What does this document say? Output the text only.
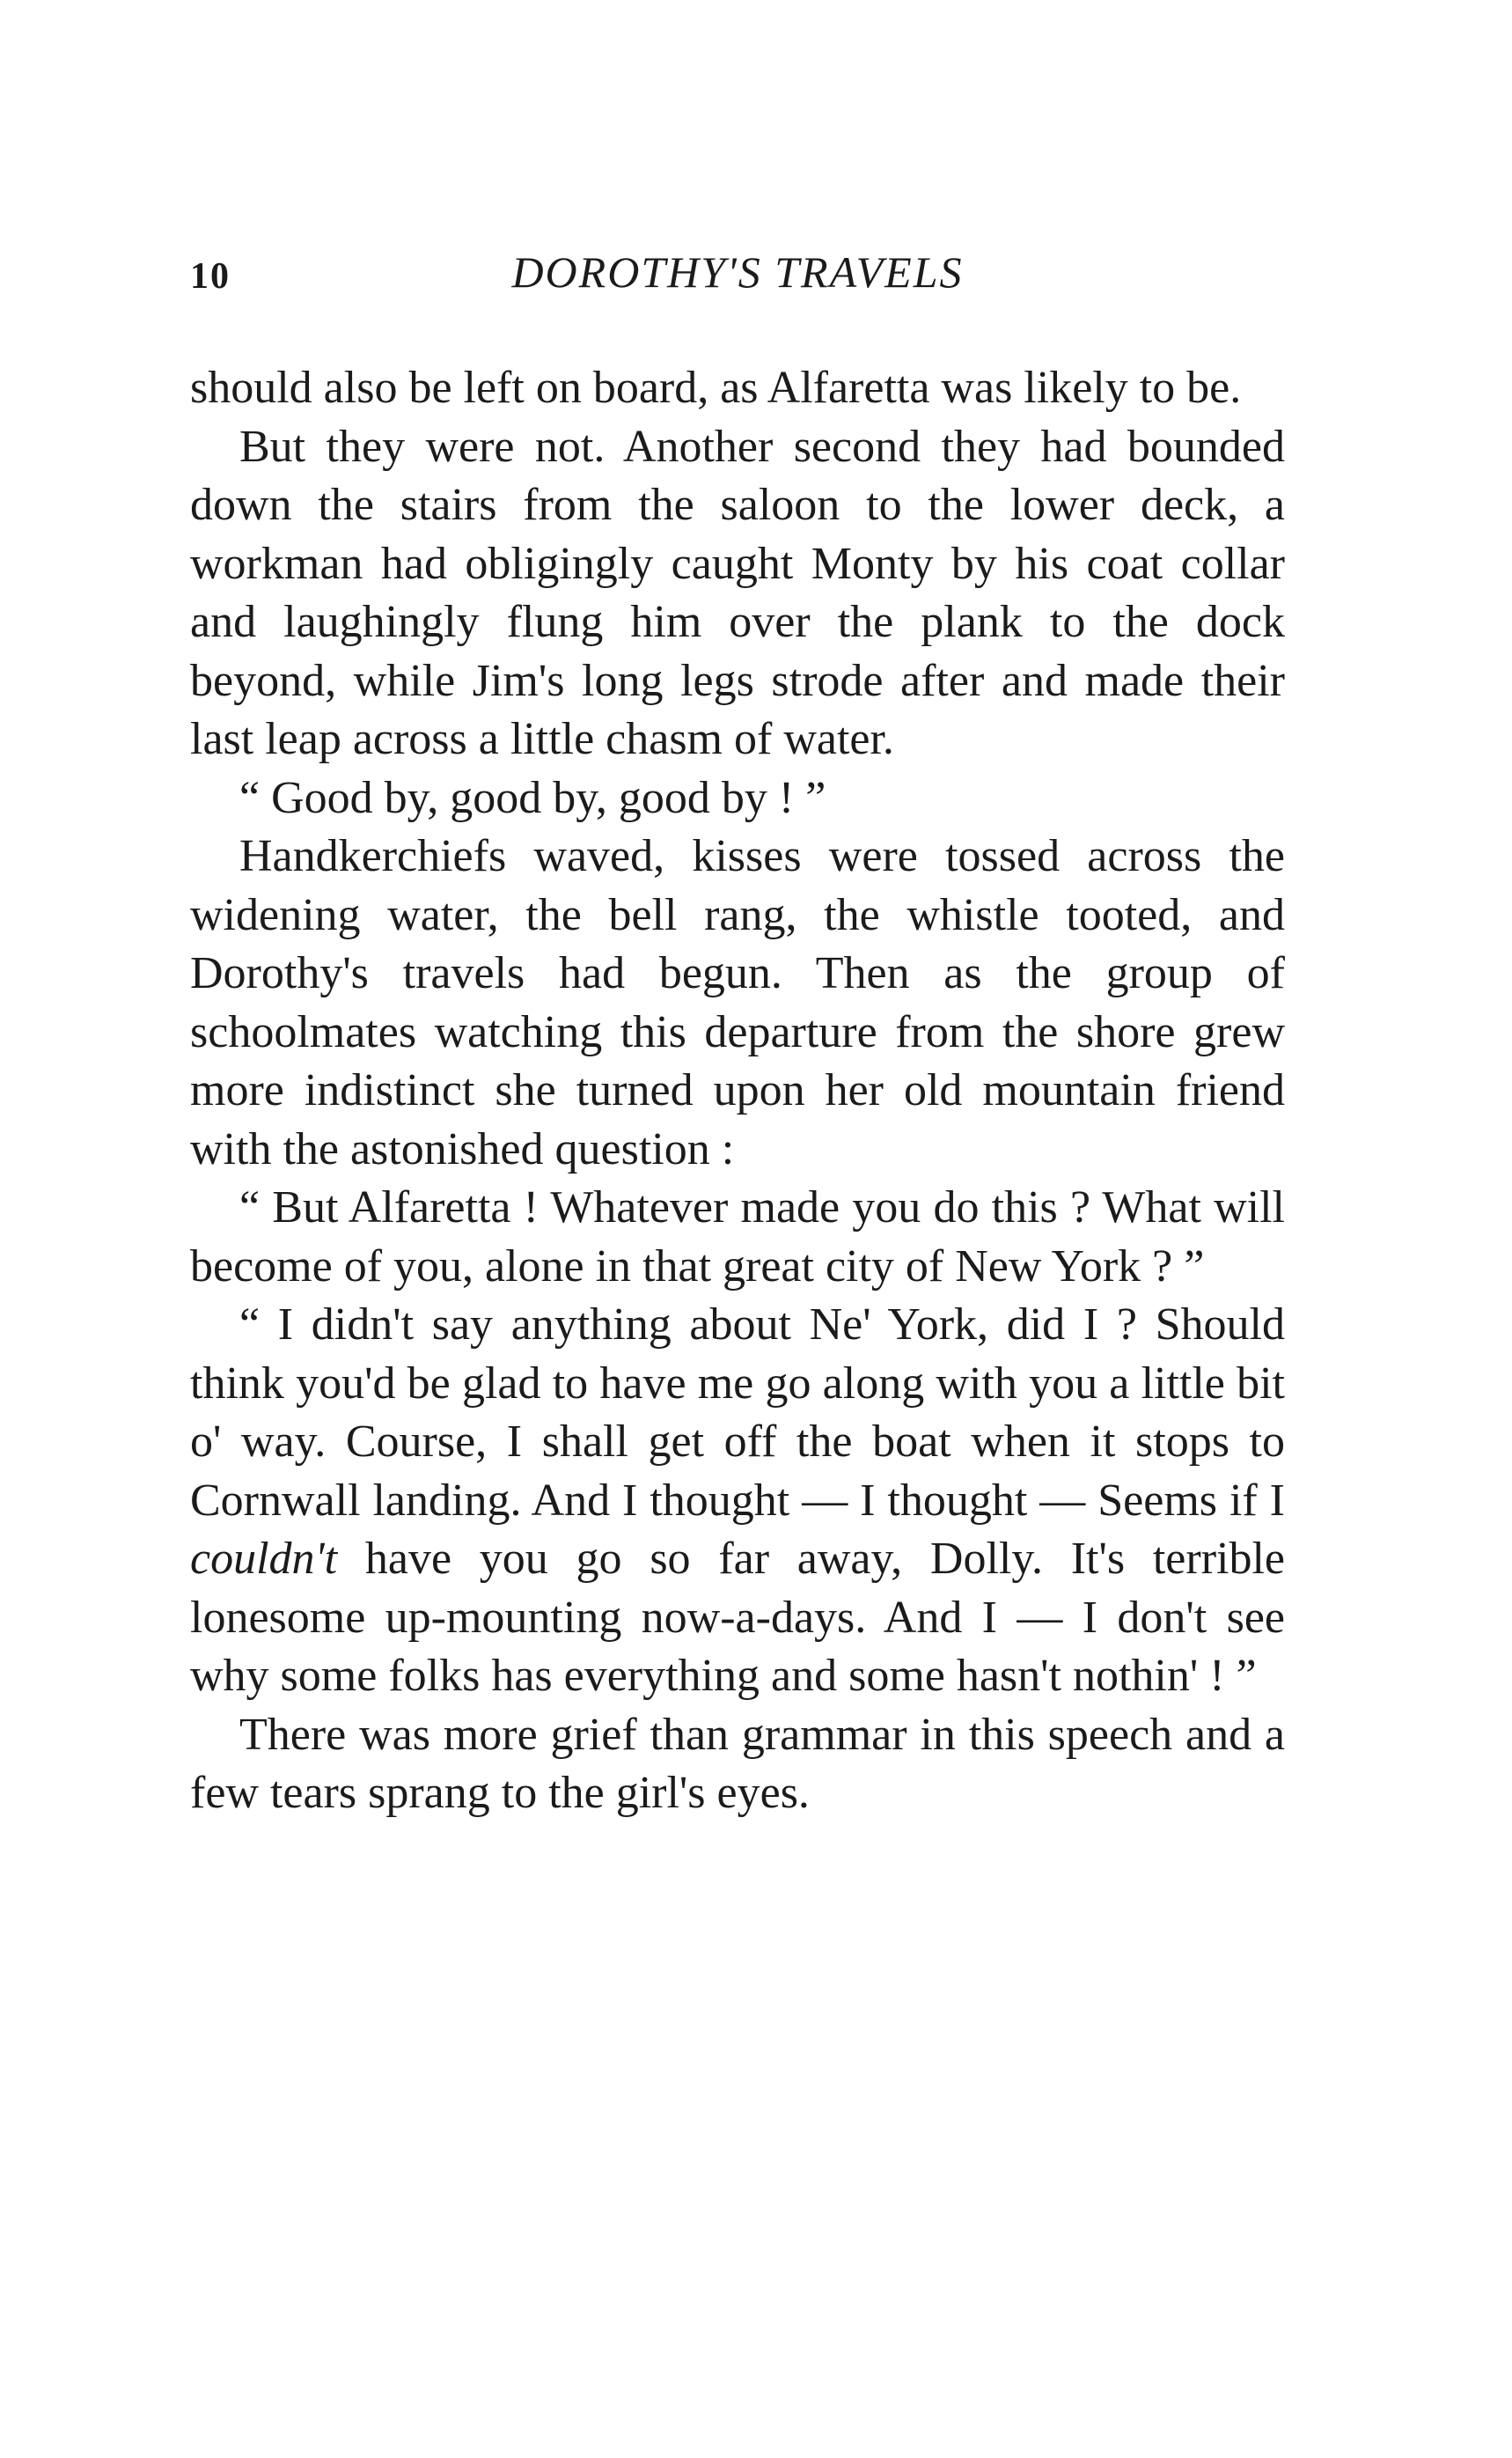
10	DOROTHY'S TRAVELS

should also be left on board, as Alfaretta was likely to be.

But they were not. Another second they had bounded down the stairs from the saloon to the lower deck, a workman had obligingly caught Monty by his coat collar and laughingly flung him over the plank to the dock beyond, while Jim's long legs strode after and made their last leap across a little chasm of water.

“ Good by, good by, good by ! ”

Handkerchiefs waved, kisses were tossed across the widening water, the bell rang, the whistle tooted, and Dorothy's travels had begun. Then as the group of schoolmates watching this departure from the shore grew more indistinct she turned upon her old mountain friend with the astonished question :

“ But Alfaretta ! Whatever made you do this ? What will become of you, alone in that great city of New York ? ”

“ I didn't say anything about Ne' York, did I ? Should think you'd be glad to have me go along with you a little bit o' way. Course, I shall get off the boat when it stops to Cornwall landing. And I thought — I thought — Seems if I couldn't have you go so far away, Dolly. It's terrible lonesome up-mounting now-a-days. And I — I don't see why some folks has everything and some hasn't nothin' ! ”

There was more grief than grammar in this speech and a few tears sprang to the girl's eyes.
